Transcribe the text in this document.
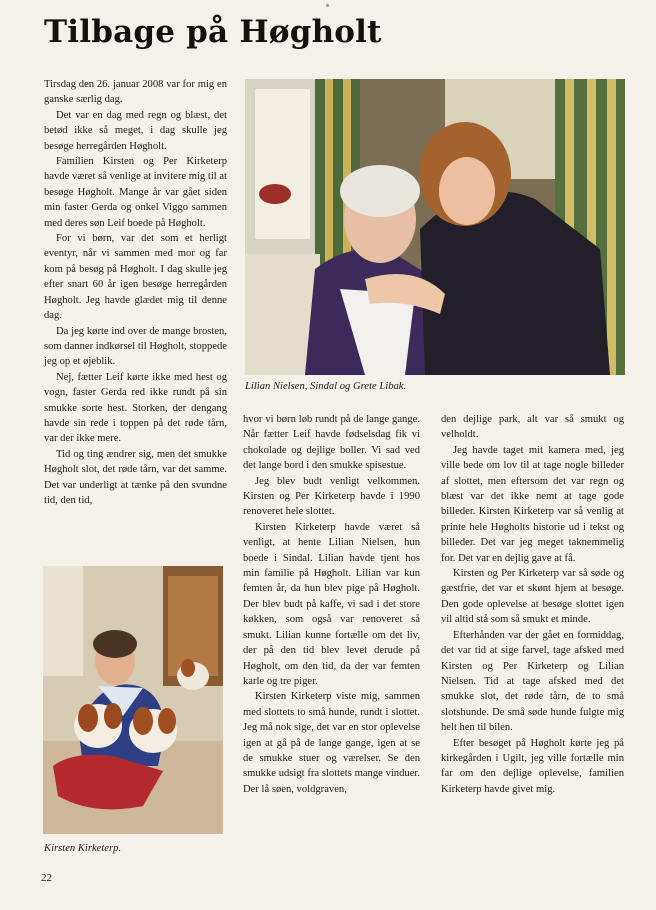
Tilbage på Høgholt

Tirsdag den 26. januar 2008 var for mig en ganske særlig dag.

Det var en dag med regn og blæst, det betød ikke så meget, i dag skulle jeg besøge herregården Høgholt.

Familien Kirsten og Per Kirketerp havde været så venlige at invitere mig til at besøge Høgholt. Mange år var gået siden min faster Gerda og onkel Viggo sammen med deres søn Leif boede på Høgholt.

For vi børn, var det som et herligt eventyr, når vi sammen med mor og far kom på besøg på Høgholt. I dag skulle jeg efter snart 60 år igen besøge herregården Høgholt. Jeg havde glædet mig til denne dag.

Da jeg kørte ind over de mange brosten, som danner indkørsel til Høgholt, stoppede jeg op et øjeblik.

Nej, fætter Leif kørte ikke med hest og vogn, faster Gerda red ikke rundt på sin smukke sorte hest. Storken, der dengang havde sin rede i toppen på det røde tårn, var der ikke mere.

Tid og ting ændrer sig, men det smukke Høgholt slot, det røde tårn, var det samme. Det var underligt at tænke på den svundne tid, den tid,

Lilian Nielsen, Sindal og Grete Libak.

hvor vi børn løb rundt på de lange gange. Når fætter Leif havde fødselsdag fik vi chokolade og dejlige boller. Vi sad ved det lange bord i den smukke spisestue.

Jeg blev budt venligt velkommen. Kirsten og Per Kirketerp havde i 1990 renoveret hele slottet.

Kirsten Kirketerp havde været så venligt, at hente Lilian Nielsen, hun boede i Sindal. Lilian havde tjent hos min familie på Høgholt. Lilian var kun femten år, da hun blev pige på Høgholt. Der blev budt på kaffe, vi sad i det store køkken, som også var renoveret så smukt. Lilian kunne fortælle om det liv, der på den tid blev levet derude på Høgholt, om den tid, da der var femten karle og tre piger.

Kirsten Kirketerp viste mig, sammen med slottets to små hunde, rundt i slottet. Jeg må nok sige, det var en stor oplevelse igen at gå på de lange gange, igen at se de smukke stuer og værelser. Se den smukke udsigt fra slottets mange vinduer. Der lå søen, voldgraven,

den dejlige park, alt var så smukt og velholdt.

Jeg havde taget mit kamera med, jeg ville bede om lov til at tage nogle billeder af slottet, men eftersom det var regn og blæst var det ikke nemt at tage gode billeder. Kirsten Kirketerp var så venlig at printe hele Høgholts historie ud i tekst og billeder. Det var jeg meget taknemmelig for. Det var en dejlig gave at få.

Kirsten og Per Kirketerp var så søde og gæstfrie, det var et skønt hjem at besøge. Den gode oplevelse at besøge slottet igen vil altid stå som så smukt et minde.

Efterhånden var der gået en formiddag, det var tid at sige farvel, tage afsked med Kirsten og Per Kirketerp og Lilian Nielsen. Tid at tage afsked med det smukke slot, det røde tårn, de to små slotshunde. De små søde hunde fulgte mig helt hen til bilen.

Efter besøget på Høgholt kørte jeg på kirkegården i Ugilt, jeg ville fortælle min far om den dejlige oplevelse, familien Kirketerp havde givet mig.

Kirsten Kirketerp.
22
